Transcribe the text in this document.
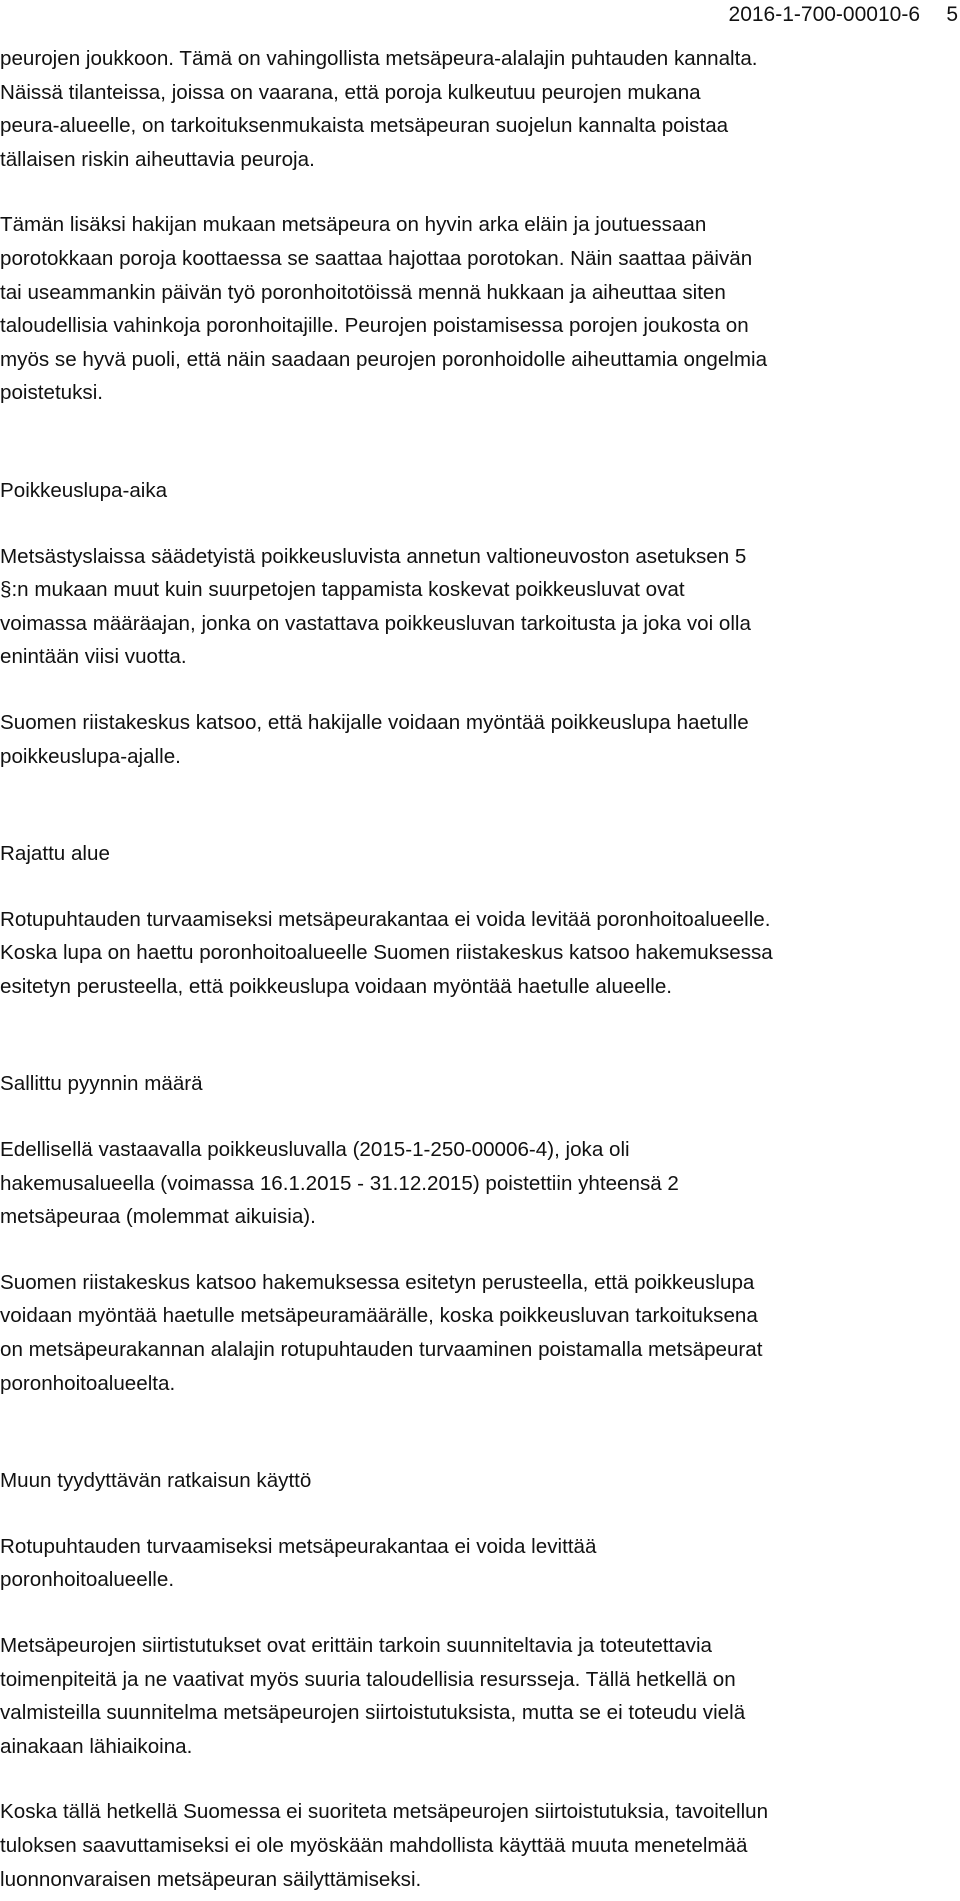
2016-1-700-00010-6 5

peurojen joukkoon. Tämä on vahingollista metsäpeura-alalajin puhtauden kannalta.
Näissä tilanteissa, joissa on vaarana, että poroja kulkeutuu peurojen mukana
peura-alueelle, on tarkoituksenmukaista metsäpeuran suojelun kannalta poistaa
tällaisen riskin aiheuttavia peuroja.

Tämän lisäksi hakijan mukaan metsäpeura on hyvin arka eläin ja joutuessaan
porotokkaan poroja koottaessa se saattaa hajottaa porotokan. Näin saattaa päivän
tai useammankin päivän työ poronhoitotöissä mennä hukkaan ja aiheuttaa siten
taloudellisia vahinkoja poronhoitajille. Peurojen poistamisessa porojen joukosta on
myös se hyvä puoli, että näin saadaan peurojen poronhoidolle aiheuttamia ongelmia
poistetuksi.

Poikkeuslupa-aika

Metsästyslaissa säädetyistä poikkeusluvista annetun valtioneuvoston asetuksen 5
§:n mukaan muut kuin suurpetojen tappamista koskevat poikkeusluvat ovat
voimassa määräajan, jonka on vastattava poikkeusluvan tarkoitusta ja joka voi olla
enintään viisi vuotta.

Suomen riistakeskus katsoo, että hakijalle voidaan myöntää poikkeuslupa haetulle
poikkeuslupa-ajalle.

Rajattu alue

Rotupuhtauden turvaamiseksi metsäpeurakantaa ei voida levitää poronhoitoalueelle.
Koska lupa on haettu poronhoitoalueelle Suomen riistakeskus katsoo hakemuksessa
esitetyn perusteella, että poikkeuslupa voidaan myöntää haetulle alueelle.

Sallittu pyynnin määrä

Edellisellä vastaavalla poikkeusluvalla (2015-1-250-00006-4), joka oli
hakemusalueella (voimassa 16.1.2015 - 31.12.2015) poistettiin yhteensä 2
metsäpeuraa (molemmat aikuisia).

Suomen riistakeskus katsoo hakemuksessa esitetyn perusteella, että poikkeuslupa
voidaan myöntää haetulle metsäpeuramäärälle, koska poikkeusluvan tarkoituksena
on metsäpeurakannan alalajin rotupuhtauden turvaaminen poistamalla metsäpeurat
poronhoitoalueelta.

Muun tyydyttävän ratkaisun käyttö

Rotupuhtauden turvaamiseksi metsäpeurakantaa ei voida levittää
poronhoitoalueelle.

Metsäpeurojen siirtistutukset ovat erittäin tarkoin suunniteltavia ja toteutettavia
toimenpiteitä ja ne vaativat myös suuria taloudellisia resursseja. Tällä hetkellä on
valmisteilla suunnitelma metsäpeurojen siirtoistutuksista, mutta se ei toteudu vielä
ainakaan lähiaikoina.

Koska tällä hetkellä Suomessa ei suoriteta metsäpeurojen siirtoistutuksia, tavoitellun
tuloksen saavuttamiseksi ei ole myöskään mahdollista käyttää muuta menetelmää
luonnonvaraisen metsäpeuran säilyttämiseksi.
